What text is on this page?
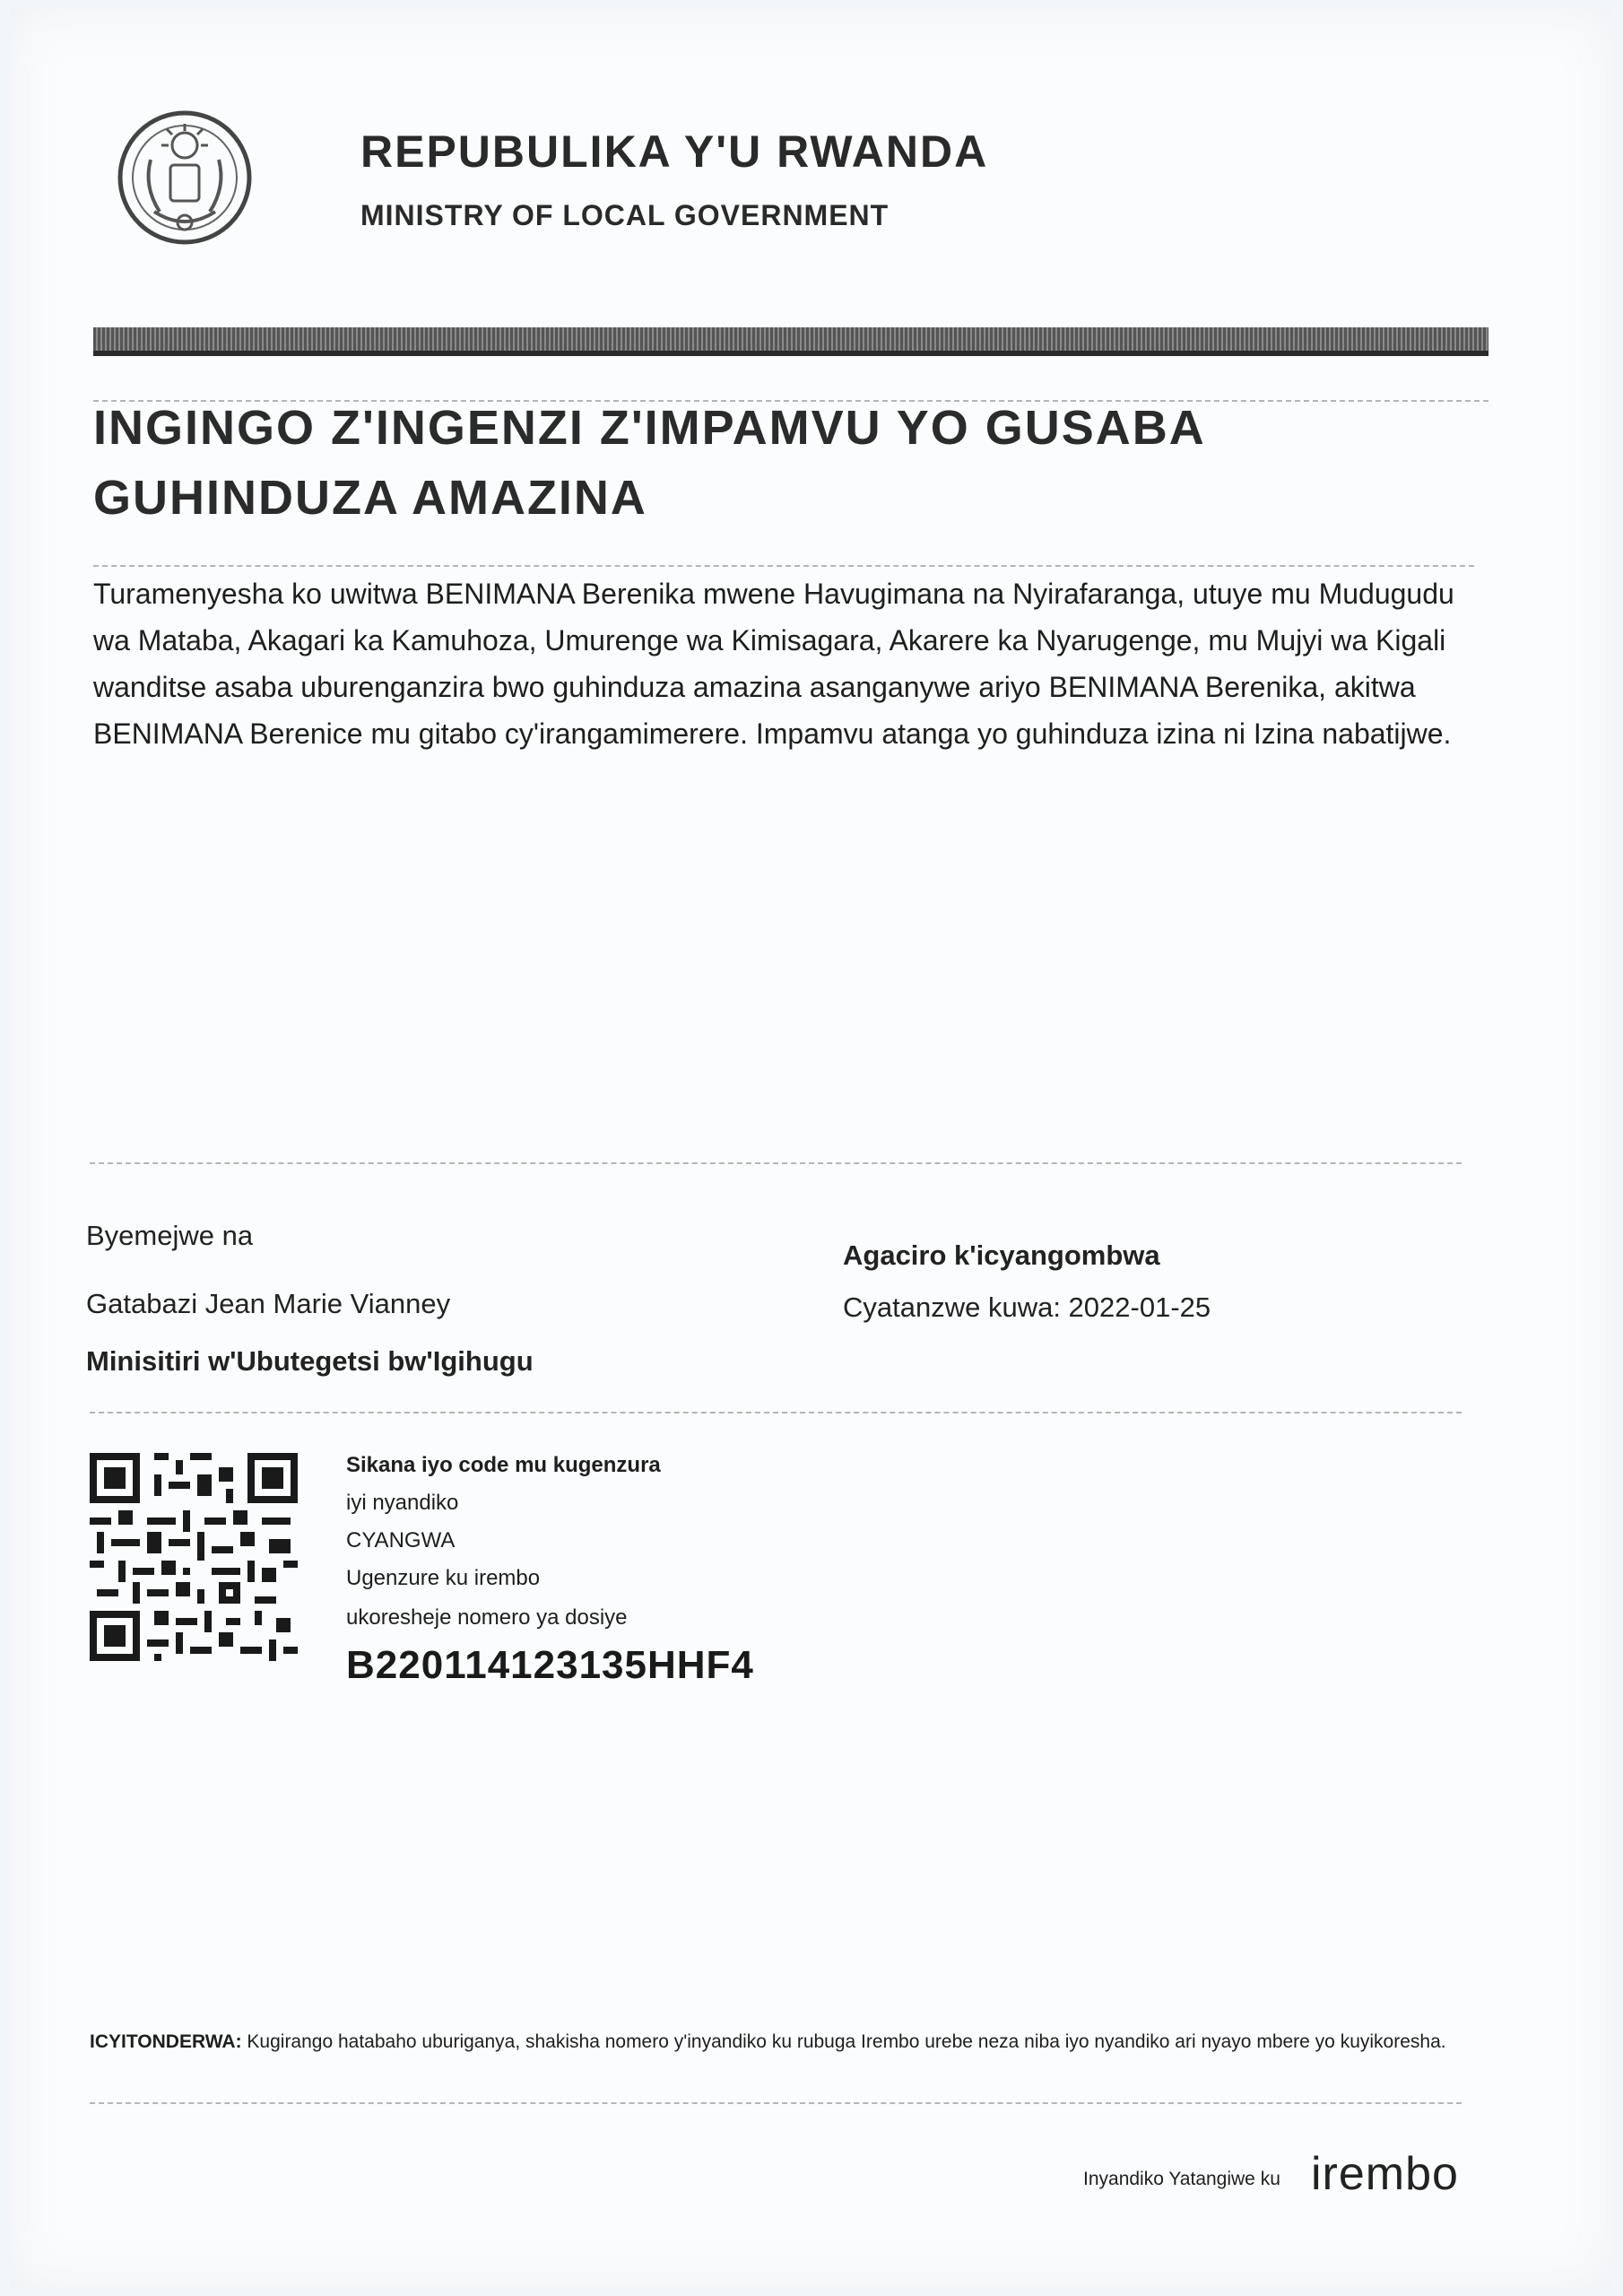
REPUBULIKA Y'U RWANDA
MINISTRY OF LOCAL GOVERNMENT
INGINGO Z'INGENZI Z'IMPAMVU YO GUSABA GUHINDUZA AMAZINA
Turamenyesha ko uwitwa BENIMANA Berenika mwene Havugimana na Nyirafaranga, utuye mu Mudugudu wa Mataba, Akagari ka Kamuhoza, Umurenge wa Kimisagara, Akarere ka Nyarugenge, mu Mujyi wa Kigali wanditse asaba uburenganzira bwo guhinduza amazina asanganywe ariyo BENIMANA Berenika, akitwa BENIMANA Berenice mu gitabo cy'irangamimerere. Impamvu atanga yo guhinduza izina ni Izina nabatijwe.
Byemejwe na
Gatabazi Jean Marie Vianney
Minisitiri w'Ubutegetsi bw'Igihugu
Agaciro k'icyangombwa
Cyatanzwe kuwa: 2022-01-25
Sikana iyo code mu kugenzura
iyi nyandiko
CYANGWA
Ugenzure ku irembo
ukoresheje nomero ya dosiye
B220114123135HHF4
ICYITONDERWA: Kugirango hatabaho uburiganya, shakisha nomero y'inyandiko ku rubuga Irembo urebe neza niba iyo nyandiko ari nyayo mbere yo kuyikoresha.
Inyandiko Yatangiwe ku irembo
